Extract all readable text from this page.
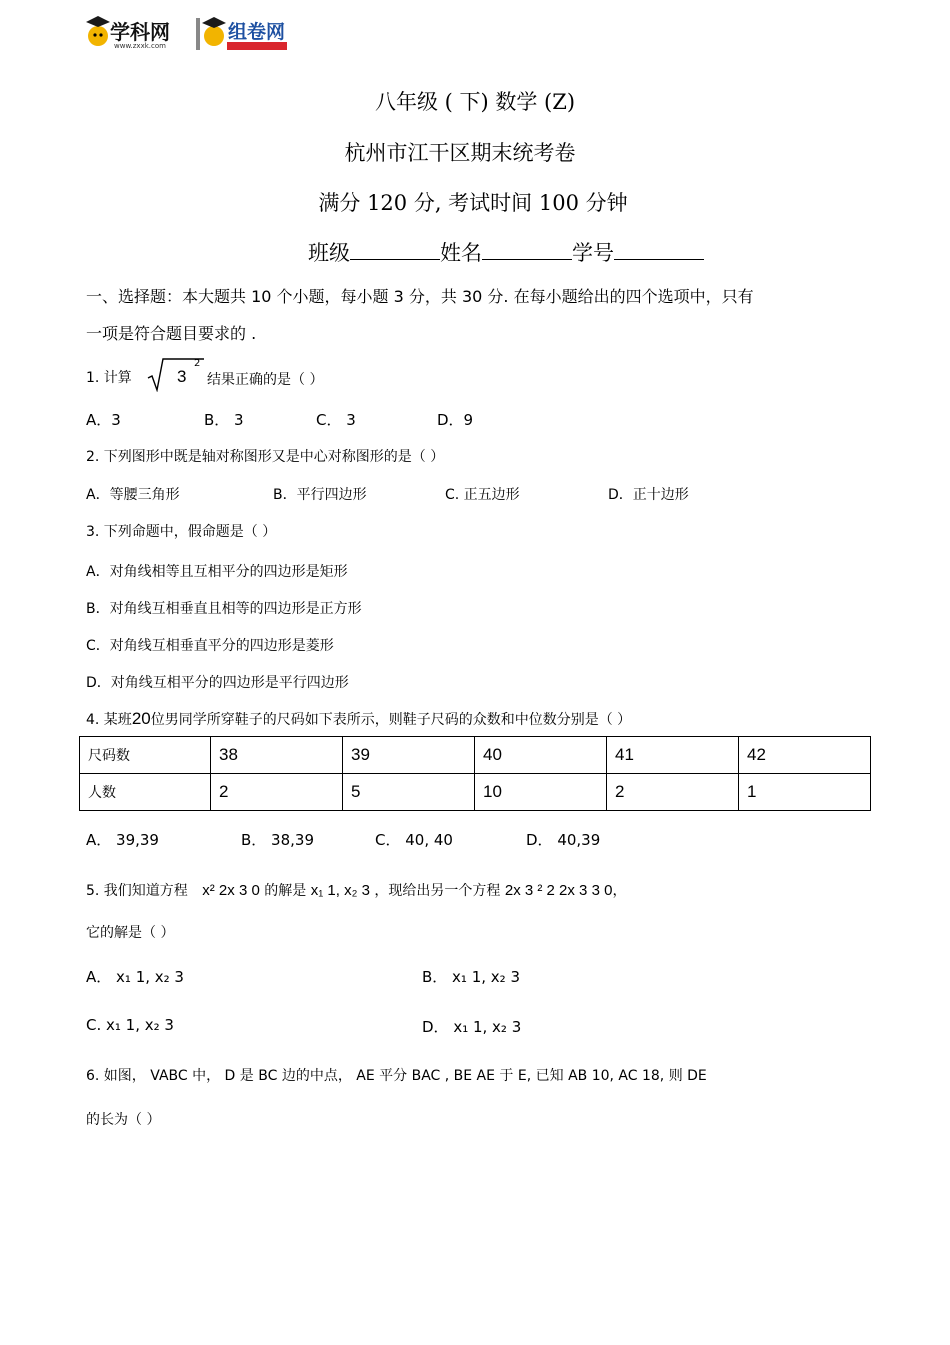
学科网
www.zxxk.com
组卷网
八年级 ( 下) 数学 (Z)
杭州市江干区期末统考卷
满分 120 分, 考试时间 100 分钟
班级	姓名	学号
一、选择题：本大题共 10 个小题，每小题 3 分，共 30 分. 在每小题给出的四个选项中，只有
一项是符合题目要求的 .
1. 计算	3
2
结果正确的是（ ）
A．3	B． 3	C． 3	D．9
2. 下列图形中既是轴对称图形又是中心对称图形的是（ ）
A．等腰三角形	B．平行四边形	C. 正五边形	D．正十边形
3. 下列命题中，假命题是（ ）
A．对角线相等且互相平分的四边形是矩形
B．对角线互相垂直且相等的四边形是正方形
C．对角线互相垂直平分的四边形是菱形
D．对角线互相平分的四边形是平行四边形
4. 某班20位男同学所穿鞋子的尺码如下表所示，则鞋子尺码的众数和中位数分别是（ ）
尺码数	38	39	40	41	42
人数	2	5	10	2	1
A． 39,39	B． 38,39	C． 40, 40	D． 40,39
5. 我们知道方程 x² 2x 3 0 的解是 x₁ 1, x₂ 3 ，现给出另一个方程 2x 3 ² 2 2x 3 3 0，
它的解是（ ）
A． x₁ 1, x₂ 3	B． x₁ 1, x₂ 3
C. x₁ 1, x₂ 3	D． x₁ 1, x₂ 3
6. 如图， VABC 中， D 是 BC 边的中点， AE 平分 BAC , BE AE 于 E, 已知 AB 10, AC 18, 则 DE
的长为（ ）
